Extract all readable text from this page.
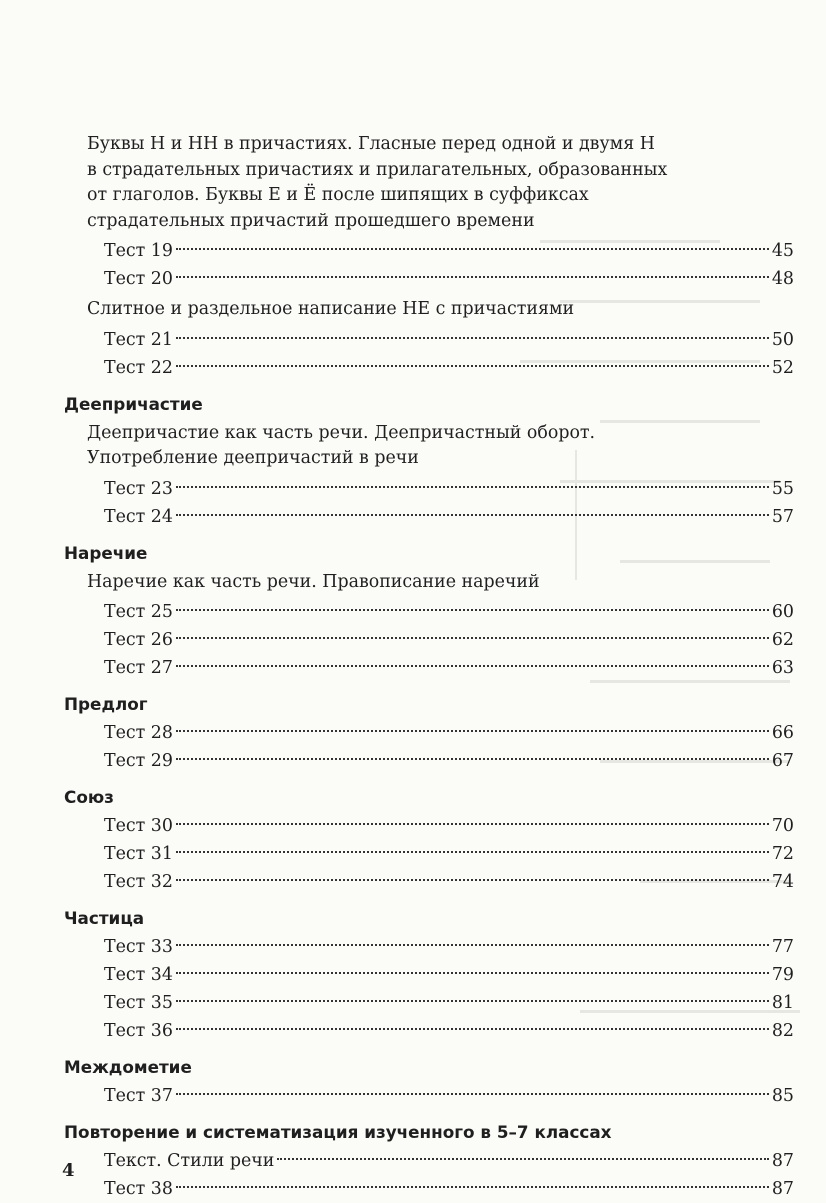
Буквы Н и НН в причастиях. Гласные перед одной и двумя Н
в страдательных причастиях и прилагательных, образованных
от глаголов. Буквы Е и Ё после шипящих в суффиксах
страдательных причастий прошедшего времени
Тест 19	45
Тест 20	48
Слитное и раздельное написание НЕ с причастиями
Тест 21	50
Тест 22	52
Деепричастие
Деепричастие как часть речи. Деепричастный оборот.
Употребление деепричастий в речи
Тест 23	55
Тест 24	57
Наречие
Наречие как часть речи. Правописание наречий
Тест 25	60
Тест 26	62
Тест 27	63
Предлог
Тест 28	66
Тест 29	67
Союз
Тест 30	70
Тест 31	72
Тест 32	74
Частица
Тест 33	77
Тест 34	79
Тест 35	81
Тест 36	82
Междометие
Тест 37	85
Повторение и систематизация изученного в 5–7 классах
Текст. Стили речи	87
Тест 38	87
4
